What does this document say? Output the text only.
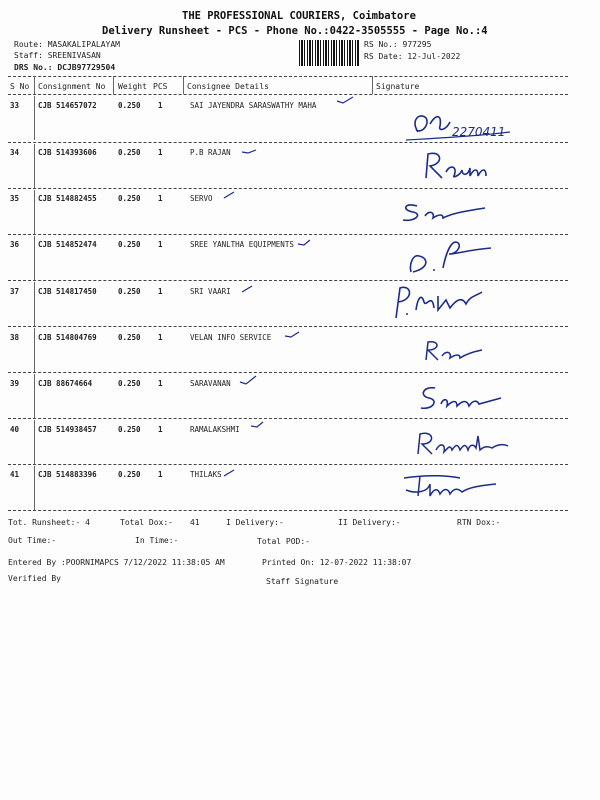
THE PROFESSIONAL COURIERS, Coimbatore
Delivery Runsheet - PCS - Phone No.:0422-3505555 - Page No.:4
Route: MASAKALIPALAYAM
Staff: SREENIVASAN
DRS No.: DCJB97729504
RS No.: 977295
RS Date: 12-Jul-2022
S No Consignment No Weight PCS Consignee Details	Signature
33	CJB 514657072	0.250 1	SAI JAYENDRA SARASWATHY MAHA
34	CJB 514393606	0.250 1	P.B RAJAN
35	CJB 514882455	0.250 1	SERVO
36	CJB 514852474	0.250 1	SREE YANLTHA EQUIPMENTS
37	CJB 514817450	0.250 1	SRI VAARI
38	CJB 514804769	0.250 1	VELAN INFO SERVICE
39	CJB 88674664	0.250 1	SARAVANAN
40	CJB 514938457	0.250 1	RAMALAKSHMI
41	CJB 514883396	0.250 1	THILAKS
2270411
Tot. Runsheet:- 4	Total Dox:- 41	I Delivery:-	II Delivery:-	RTN Dox:-
Out Time:-	In Time:-	Total POD:-
Entered By :POORNIMAPCS 7/12/2022 11:38:05 AM	Printed On: 12-07-2022 11:38:07
Verified By	Staff Signature
